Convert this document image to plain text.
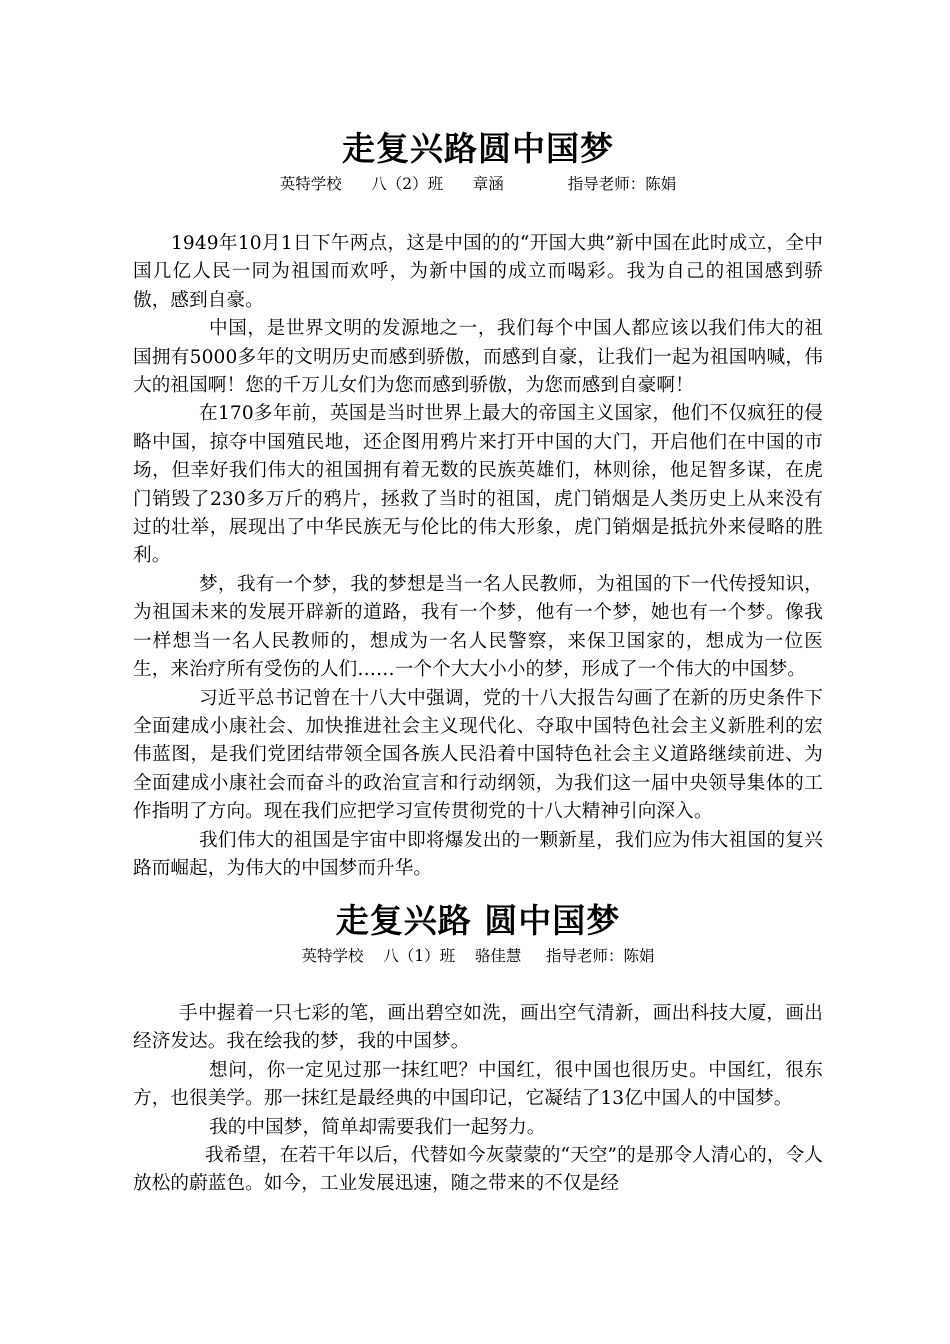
走复兴路圆中国梦

英特学校 八（2）班 章涵	指导老师：陈娟

1949年10月1日下午两点，这是中国的的“开国大典”新中国在此时成立，全中国几亿人民一同为祖国而欢呼，为新中国的成立而喝彩。我为自己的祖国感到骄傲，感到自豪。

中国，是世界文明的发源地之一，我们每个中国人都应该以我们伟大的祖国拥有5000多年的文明历史而感到骄傲，而感到自豪，让我们一起为祖国呐喊，伟大的祖国啊！您的千万儿女们为您而感到骄傲，为您而感到自豪啊！

在170多年前，英国是当时世界上最大的帝国主义国家，他们不仅疯狂的侵略中国，掠夺中国殖民地，还企图用鸦片来打开中国的大门，开启他们在中国的市场，但幸好我们伟大的祖国拥有着无数的民族英雄们，林则徐，他足智多谋，在虎门销毁了230多万斤的鸦片，拯救了当时的祖国，虎门销烟是人类历史上从来没有过的壮举，展现出了中华民族无与伦比的伟大形象，虎门销烟是抵抗外来侵略的胜利。

梦，我有一个梦，我的梦想是当一名人民教师，为祖国的下一代传授知识，为祖国未来的发展开辟新的道路，我有一个梦，他有一个梦，她也有一个梦。像我一样想当一名人民教师的，想成为一名人民警察，来保卫国家的，想成为一位医生，来治疗所有受伤的人们……一个个大大小小的梦，形成了一个伟大的中国梦。

习近平总书记曾在十八大中强调，党的十八大报告勾画了在新的历史条件下全面建成小康社会、加快推进社会主义现代化、夺取中国特色社会主义新胜利的宏伟蓝图，是我们党团结带领全国各族人民沿着中国特色社会主义道路继续前进、为全面建成小康社会而奋斗的政治宣言和行动纲领，为我们这一届中央领导集体的工作指明了方向。现在我们应把学习宣传贯彻党的十八大精神引向深入。

我们伟大的祖国是宇宙中即将爆发出的一颗新星，我们应为伟大祖国的复兴路而崛起，为伟大的中国梦而升华。

走复兴路 圆中国梦

英特学校 八（1）班 骆佳慧 指导老师：陈娟

手中握着一只七彩的笔，画出碧空如洗，画出空气清新，画出科技大厦，画出经济发达。我在绘我的梦，我的中国梦。

想问，你一定见过那一抹红吧？中国红，很中国也很历史。中国红，很东方，也很美学。那一抹红是最经典的中国印记，它凝结了13亿中国人的中国梦。

我的中国梦，简单却需要我们一起努力。

我希望，在若干年以后，代替如今灰蒙蒙的“天空”的是那令人清心的，令人放松的蔚蓝色。如今，工业发展迅速，随之带来的不仅是经
